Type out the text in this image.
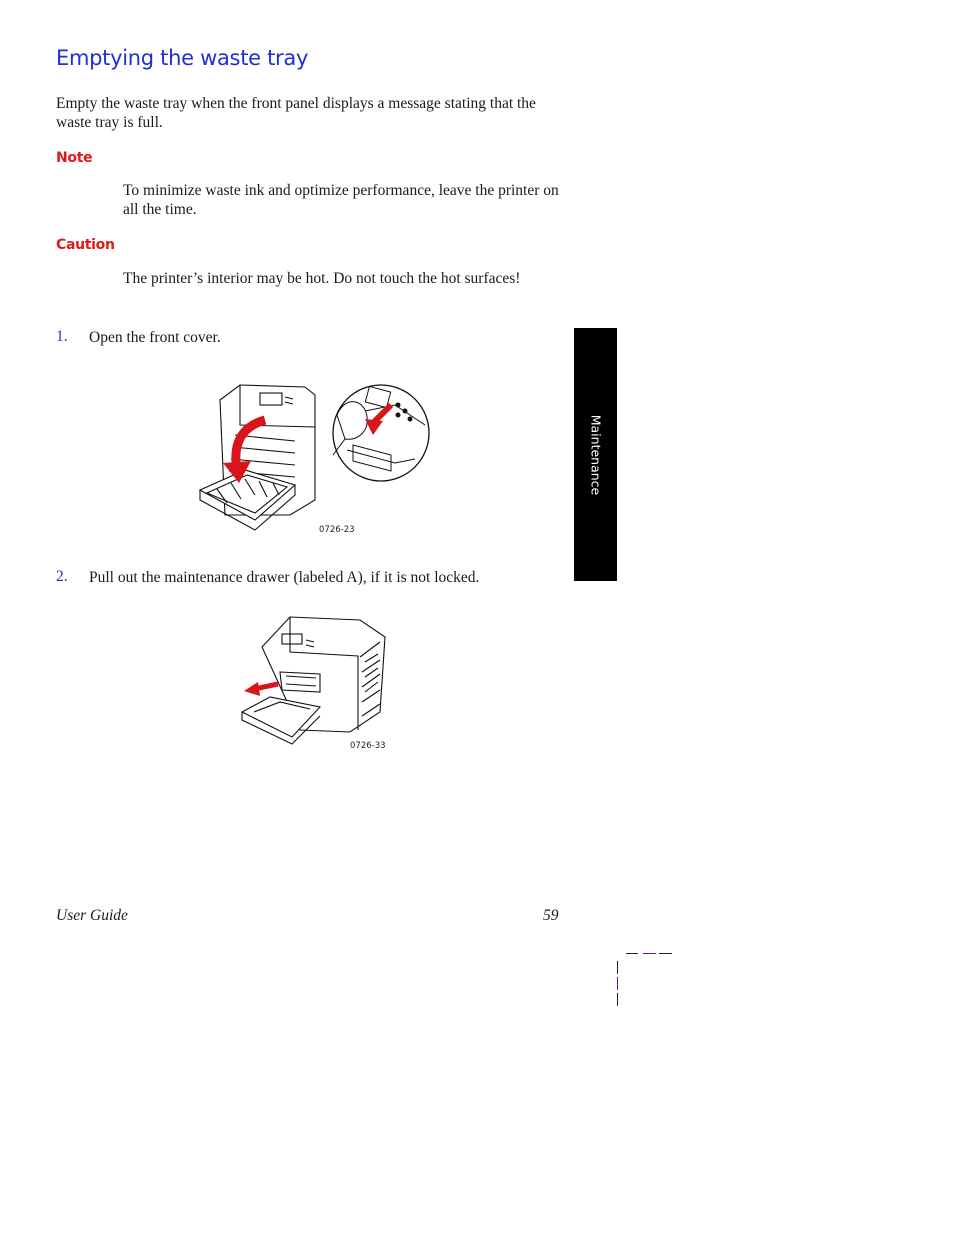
Emptying the waste tray
Empty the waste tray when the front panel displays a message stating that the waste tray is full.
Note
To minimize waste ink and optimize performance, leave the printer on all the time.
Caution
The printer’s interior may be hot. Do not touch the hot surfaces!
1. Open the front cover.
0726-23
2. Pull out the maintenance drawer (labeled A), if it is not locked.
0726-33
Maintenance
User Guide	59
